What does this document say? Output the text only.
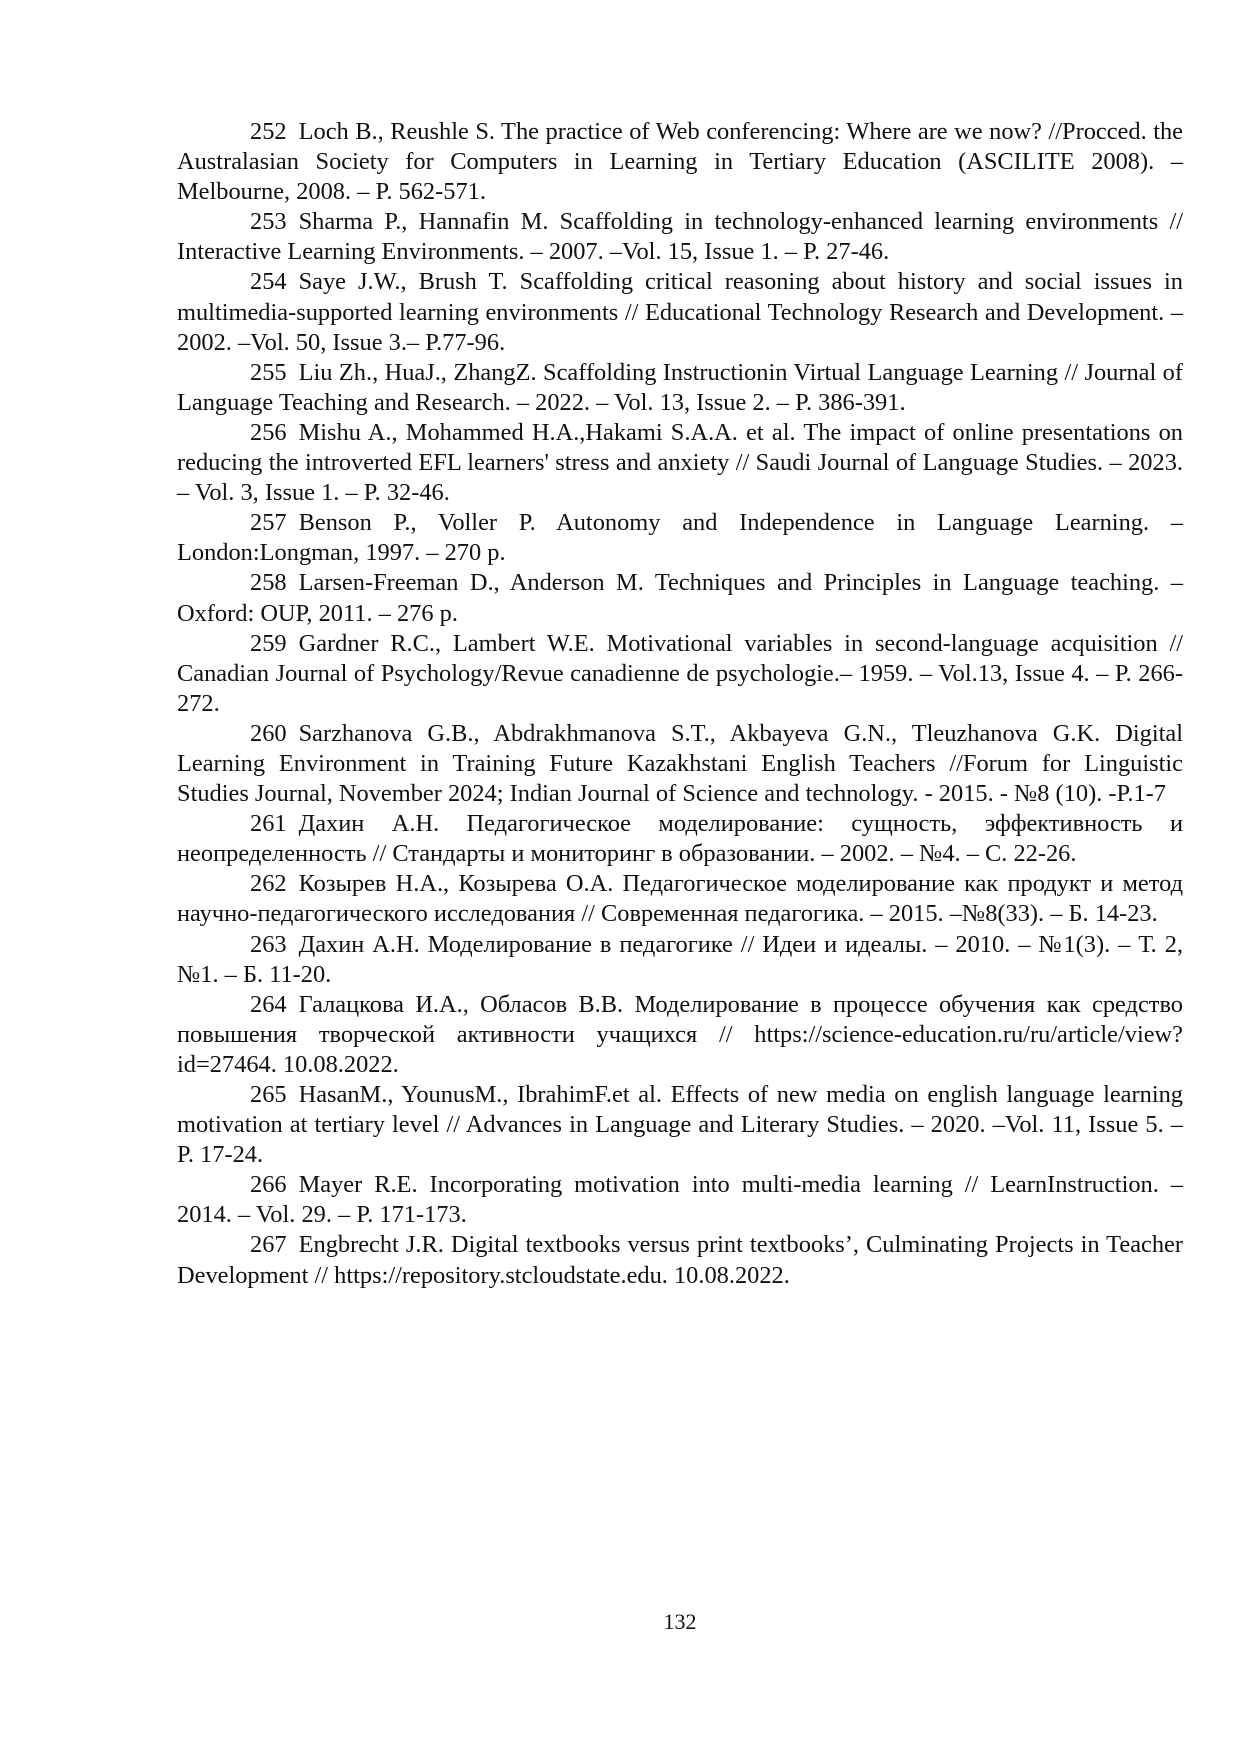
252 Loch B., Reushle S. The practice of Web conferencing: Where are we now? //Procced. the Australasian Society for Computers in Learning in Tertiary Education (ASCILITE 2008). – Melbourne, 2008. – P. 562-571.

253 Sharma P., Hannafin M. Scaffolding in technology-enhanced learning environments // Interactive Learning Environments. – 2007. –Vol. 15, Issue 1. – P. 27-46.

254 Saye J.W., Brush T. Scaffolding critical reasoning about history and social issues in multimedia-supported learning environments // Educational Technology Research and Development. – 2002. –Vol. 50, Issue 3.– P.77-96.

255 Liu Zh., HuaJ., ZhangZ. Scaffolding Instructionin Virtual Language Learning // Journal of Language Teaching and Research. – 2022. – Vol. 13, Issue 2. – P. 386-391.

256 Mishu A., Mohammed H.A.,Hakami S.A.A. et al. The impact of online presentations on reducing the introverted EFL learners' stress and anxiety // Saudi Journal of Language Studies. – 2023. – Vol. 3, Issue 1. – P. 32-46.

257 Benson P., Voller P. Autonomy and Independence in Language Learning. – London:Longman, 1997. – 270 p.

258 Larsen-Freeman D., Anderson M. Techniques and Principles in Language teaching. – Oxford: OUP, 2011. – 276 p.

259 Gardner R.C., Lambert W.E. Motivational variables in second-language acquisition // Canadian Journal of Psychology/Revue canadienne de psychologie.– 1959. – Vol.13, Issue 4. – P. 266-272.

260 Sarzhanova G.B., Abdrakhmanova S.T., Akbayeva G.N., Tleuzhanova G.K. Digital Learning Environment in Training Future Kazakhstani English Teachers //Forum for Linguistic Studies Journal, November 2024; Indian Journal of Science and technology. - 2015. - №8 (10). -P.1-7

261 Дахин А.Н. Педагогическое моделирование: сущность, эффективность и неопределенность // Стандарты и мониторинг в образовании. – 2002. – №4. – С. 22-26.

262 Козырев Н.А., Козырева О.А. Педагогическое моделирование как продукт и метод научно-педагогического исследования // Современная педагогика. – 2015. –№8(33). – Б. 14-23.

263 Дахин А.Н. Моделирование в педагогике // Идеи и идеалы. – 2010. – №1(3). – Т. 2, №1. – Б. 11-20.

264 Галацкова И.А., Обласов В.В. Моделирование в процессе обучения как средство повышения творческой активности учащихся // https://science-education.ru/ru/article/view?id=27464. 10.08.2022.

265 HasanM., YounusM., IbrahimF.et al. Effects of new media on english language learning motivation at tertiary level // Advances in Language and Literary Studies. – 2020. –Vol. 11, Issue 5. – P. 17-24.

266 Mayer R.E. Incorporating motivation into multi-media learning // LearnInstruction. – 2014. – Vol. 29. – P. 171-173.

267 Engbrecht J.R. Digital textbooks versus print textbooks’, Culminating Projects in Teacher Development // https://repository.stcloudstate.edu. 10.08.2022.

132
